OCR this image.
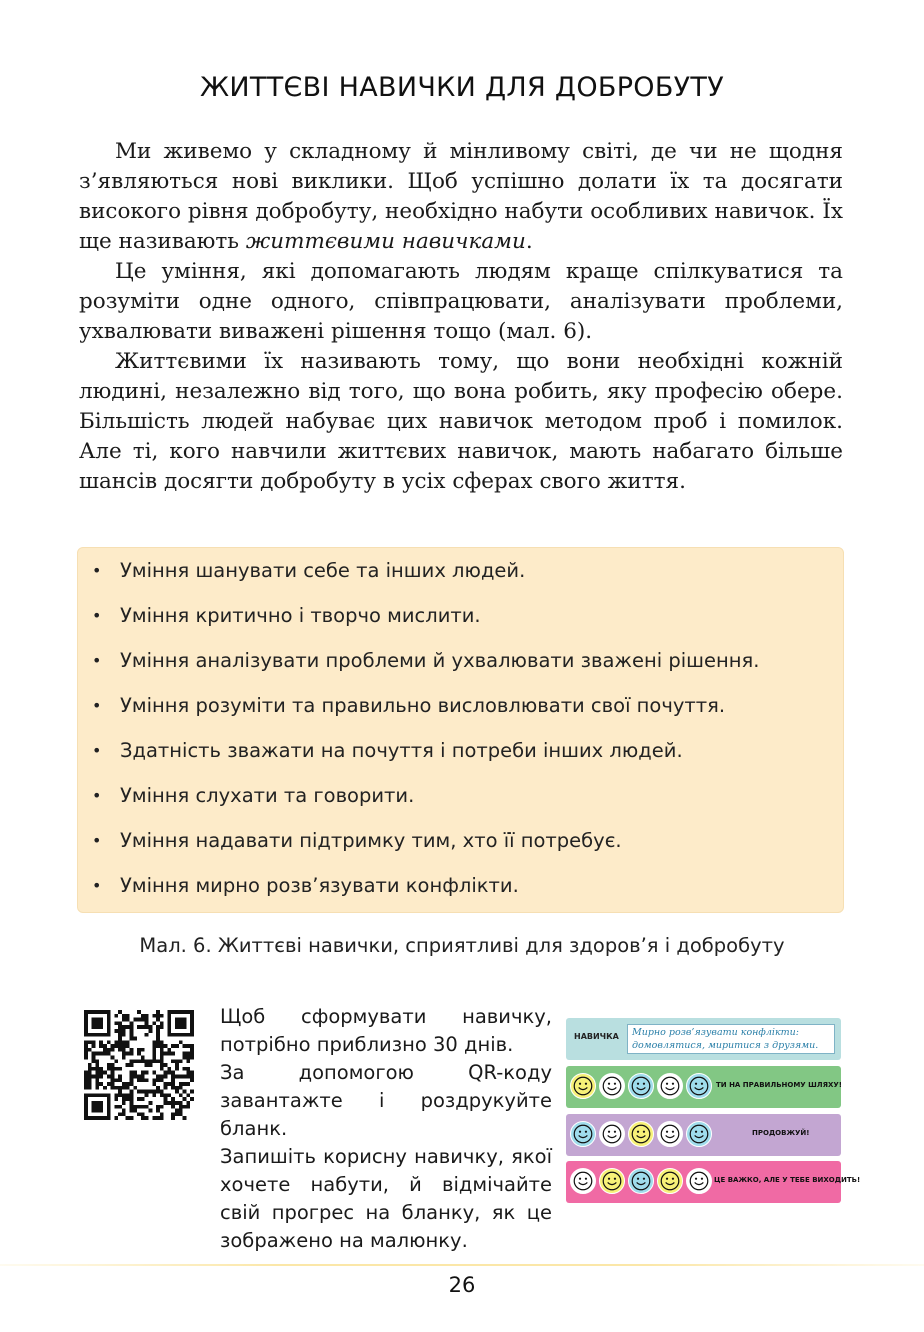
ЖИТТЄВІ НАВИЧКИ ДЛЯ ДОБРОБУТУ

Ми живемо у складному й мінливому світі, де чи не щодня з’являються нові виклики. Щоб успішно долати їх та досягати високого рівня добробуту, необхідно набути особливих навичок. Їх ще називають життєвими навичками.

Це уміння, які допомагають людям краще спілкуватися та розуміти одне одного, співпрацювати, аналізувати проблеми, ухвалювати виважені рішення тощо (мал. 6).

Життєвими їх називають тому, що вони необхідні кожній людині, незалежно від того, що вона робить, яку професію обере. Більшість людей набуває цих навичок методом проб і помилок. Але ті, кого навчили життєвих навичок, мають набагато більше шансів досягти добробуту в усіх сферах свого життя.

• Уміння шанувати себе та інших людей.
• Уміння критично і творчо мислити.
• Уміння аналізувати проблеми й ухвалювати зважені рішення.
• Уміння розуміти та правильно висловлювати свої почуття.
• Здатність зважати на почуття і потреби інших людей.
• Уміння слухати та говорити.
• Уміння надавати підтримку тим, хто її потребує.
• Уміння мирно розв’язувати конфлікти.
Мал. 6. Життєві навички, сприятливі для здоров’я і добробуту

Щоб сформувати навичку, потрібно приблизно 30 днів.

За допомогою QR-коду завантажте і роздрукуйте бланк.

Запишіть корисну навичку, якої хочете набути, й відмічайте свій прогрес на бланку, як це зображено на малюнку.

НАВИЧКА	Мирно розв’язувати конфлікти: домовлятися, миритися з друзями.
ТИ НА ПРАВИЛЬНОМУ ШЛЯХУ!
ПРОДОВЖУЙ!
ЦЕ ВАЖКО, АЛЕ У ТЕБЕ ВИХОДИТЬ!
26
